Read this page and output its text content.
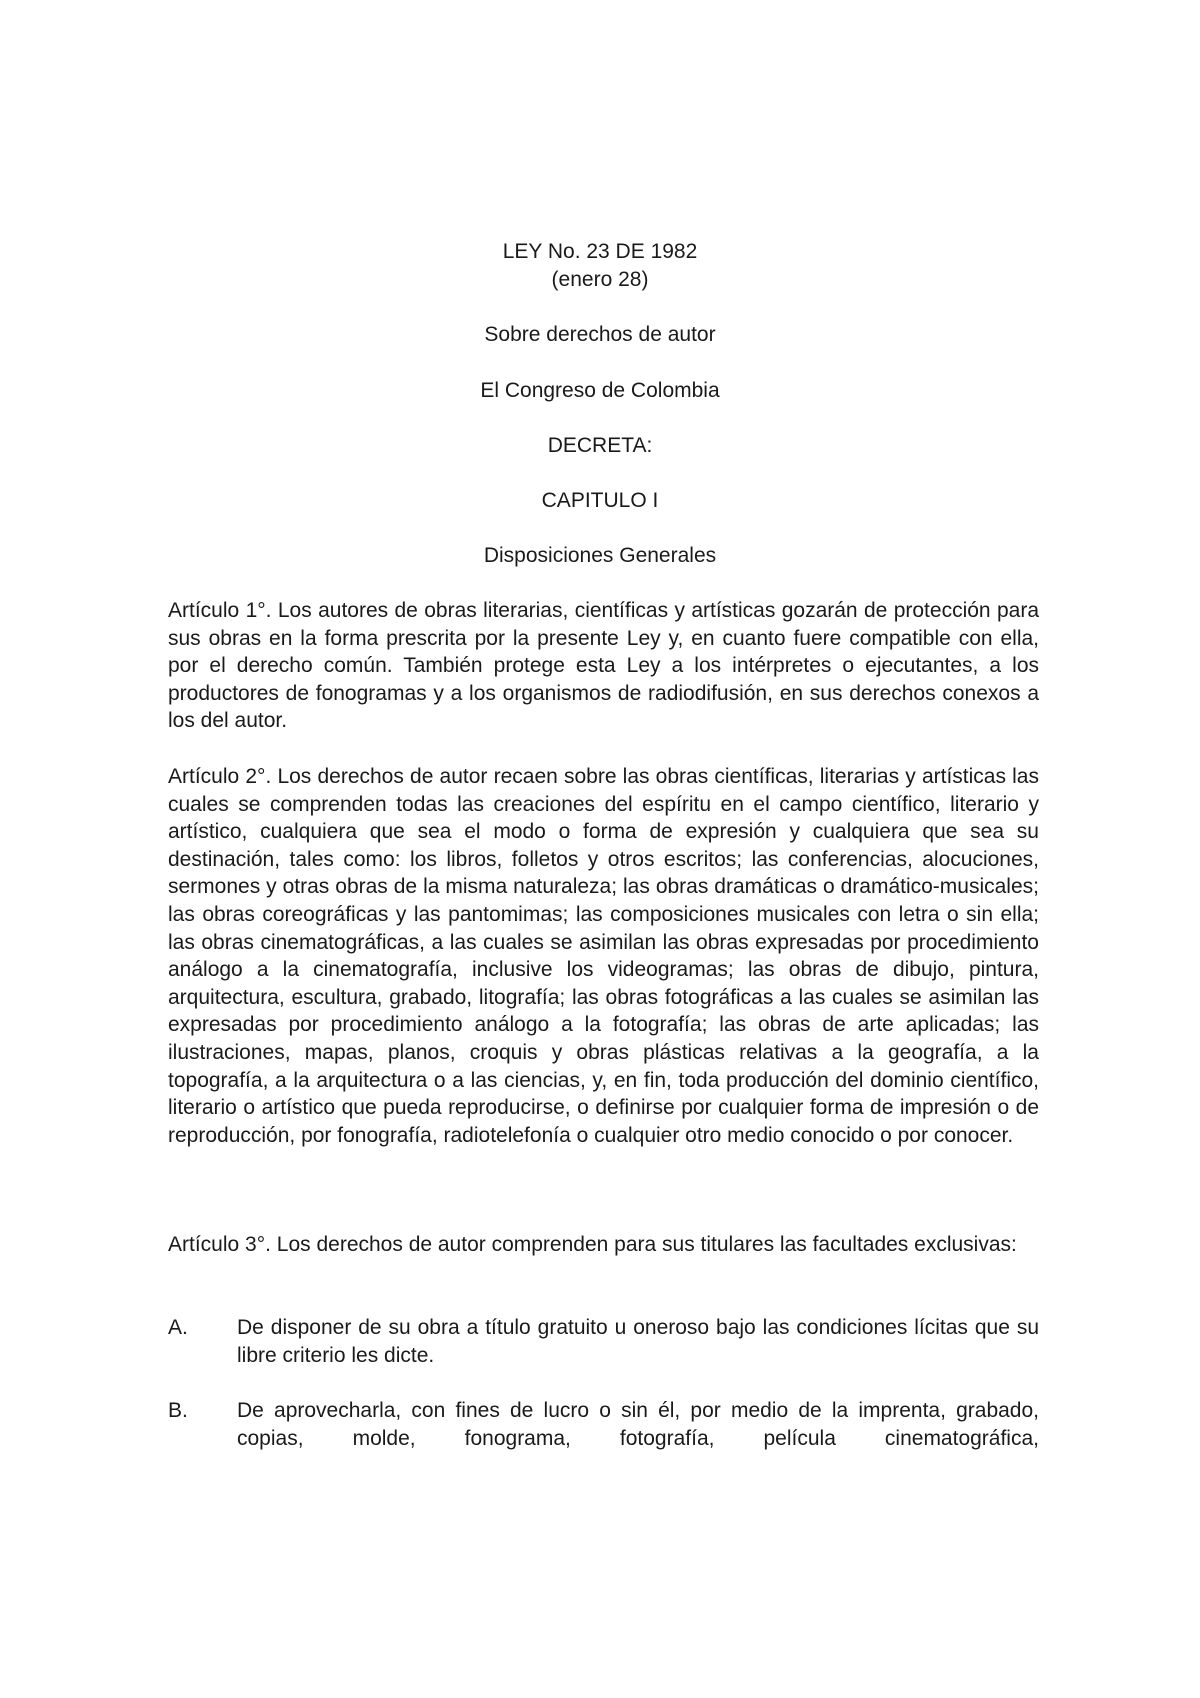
LEY No. 23 DE 1982
(enero 28)
Sobre derechos de autor
El Congreso de Colombia
DECRETA:
CAPITULO I
Disposiciones Generales
Artículo 1°. Los autores de obras literarias, científicas y artísticas gozarán de protección para sus obras en la forma prescrita por la presente Ley y, en cuanto fuere compatible con ella, por el derecho común. También protege esta Ley a los intérpretes o ejecutantes, a los productores de fonogramas y a los organismos de radiodifusión, en sus derechos conexos a los del autor.
Artículo 2°. Los derechos de autor recaen sobre las obras científicas, literarias y artísticas las cuales se comprenden todas las creaciones del espíritu en el campo científico, literario y artístico, cualquiera que sea el modo o forma de expresión y cualquiera que sea su destinación, tales como: los libros, folletos y otros escritos; las conferencias, alocuciones, sermones y otras obras de la misma naturaleza; las obras dramáticas o dramático-musicales; las obras coreográficas y las pantomimas; las composiciones musicales con letra o sin ella; las obras cinematográficas, a las cuales se asimilan las obras expresadas por procedimiento análogo a la cinematografía, inclusive los videogramas; las obras de dibujo, pintura, arquitectura, escultura, grabado, litografía; las obras fotográficas a las cuales se asimilan las expresadas por procedimiento análogo a la fotografía; las obras de arte aplicadas; las ilustraciones, mapas, planos, croquis y obras plásticas relativas a la geografía, a la topografía, a la arquitectura o a las ciencias, y, en fin, toda producción del dominio científico, literario o artístico que pueda reproducirse, o definirse por cualquier forma de impresión o de reproducción, por fonografía, radiotelefonía o cualquier otro medio conocido o por conocer.
Artículo 3°. Los derechos de autor comprenden para sus titulares las facultades exclusivas:
A.	De disponer de su obra a título gratuito u oneroso bajo las condiciones lícitas que su libre criterio les dicte.
B.	De aprovecharla, con fines de lucro o sin él, por medio de la imprenta, grabado, copias, molde, fonograma, fotografía, película cinematográfica,
